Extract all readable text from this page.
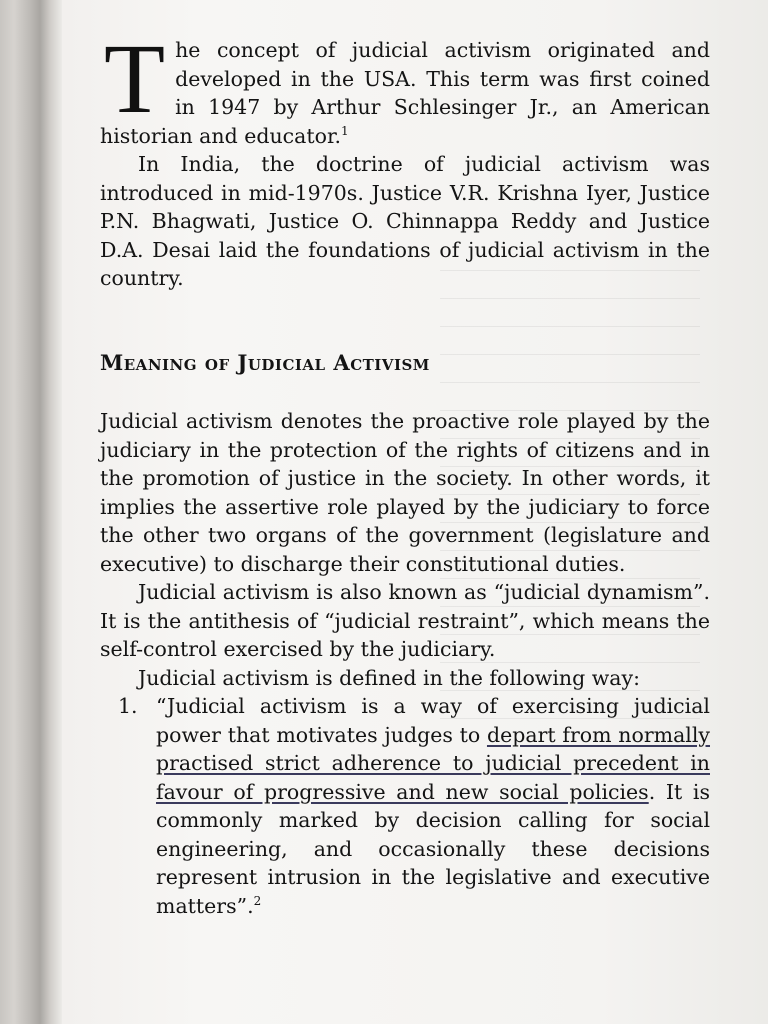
The concept of judicial activism originated and developed in the USA. This term was first coined in 1947 by Arthur Schlesinger Jr., an American historian and educator.$^1$

In India, the doctrine of judicial activism was introduced in mid-1970s. Justice V.R. Krishna Iyer, Justice P.N. Bhagwati, Justice O. Chinnappa Reddy and Justice D.A. Desai laid the foundations of judicial activism in the country.

Meaning of Judicial Activism

Judicial activism denotes the proactive role played by the judiciary in the protection of the rights of citizens and in the promotion of justice in the society. In other words, it implies the assertive role played by the judiciary to force the other two organs of the government (legislature and executive) to discharge their constitutional duties.

Judicial activism is also known as “judicial dynamism”. It is the antithesis of “judicial restraint”, which means the self-control exercised by the judiciary.

Judicial activism is defined in the following way:

1. “Judicial activism is a way of exercising judicial power that motivates judges to depart from normally practised strict adherence to judicial precedent in favour of progressive and new social policies. It is commonly marked by decision calling for social engineering, and occasionally these decisions represent intrusion in the legislative and executive matters”.$^2$
